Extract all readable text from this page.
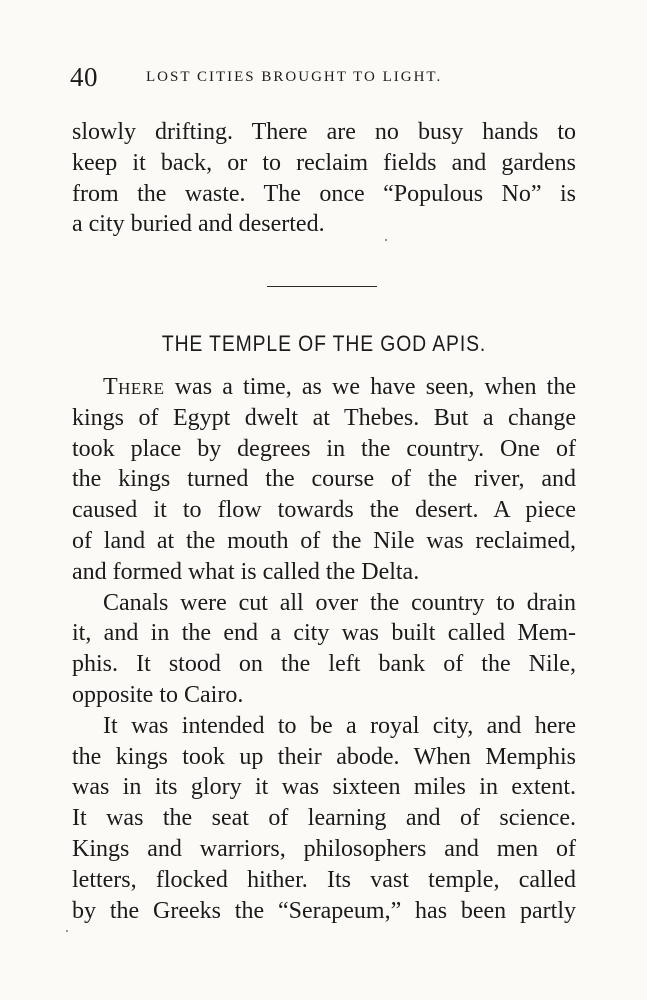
40	LOST CITIES BROUGHT TO LIGHT.
slowly drifting. There are no busy hands to
keep it back, or to reclaim fields and gardens
from the waste. The once “Populous No” is
a city buried and deserted.
THE TEMPLE OF THE GOD APIS.
There was a time, as we have seen, when the
kings of Egypt dwelt at Thebes. But a change
took place by degrees in the country. One of
the kings turned the course of the river, and
caused it to flow towards the desert. A piece
of land at the mouth of the Nile was reclaimed,
and formed what is called the Delta.
Canals were cut all over the country to drain
it, and in the end a city was built called Mem-
phis. It stood on the left bank of the Nile,
opposite to Cairo.
It was intended to be a royal city, and here
the kings took up their abode. When Memphis
was in its glory it was sixteen miles in extent.
It was the seat of learning and of science.
Kings and warriors, philosophers and men of
letters, flocked hither. Its vast temple, called
by the Greeks the “Serapeum,” has been partly
